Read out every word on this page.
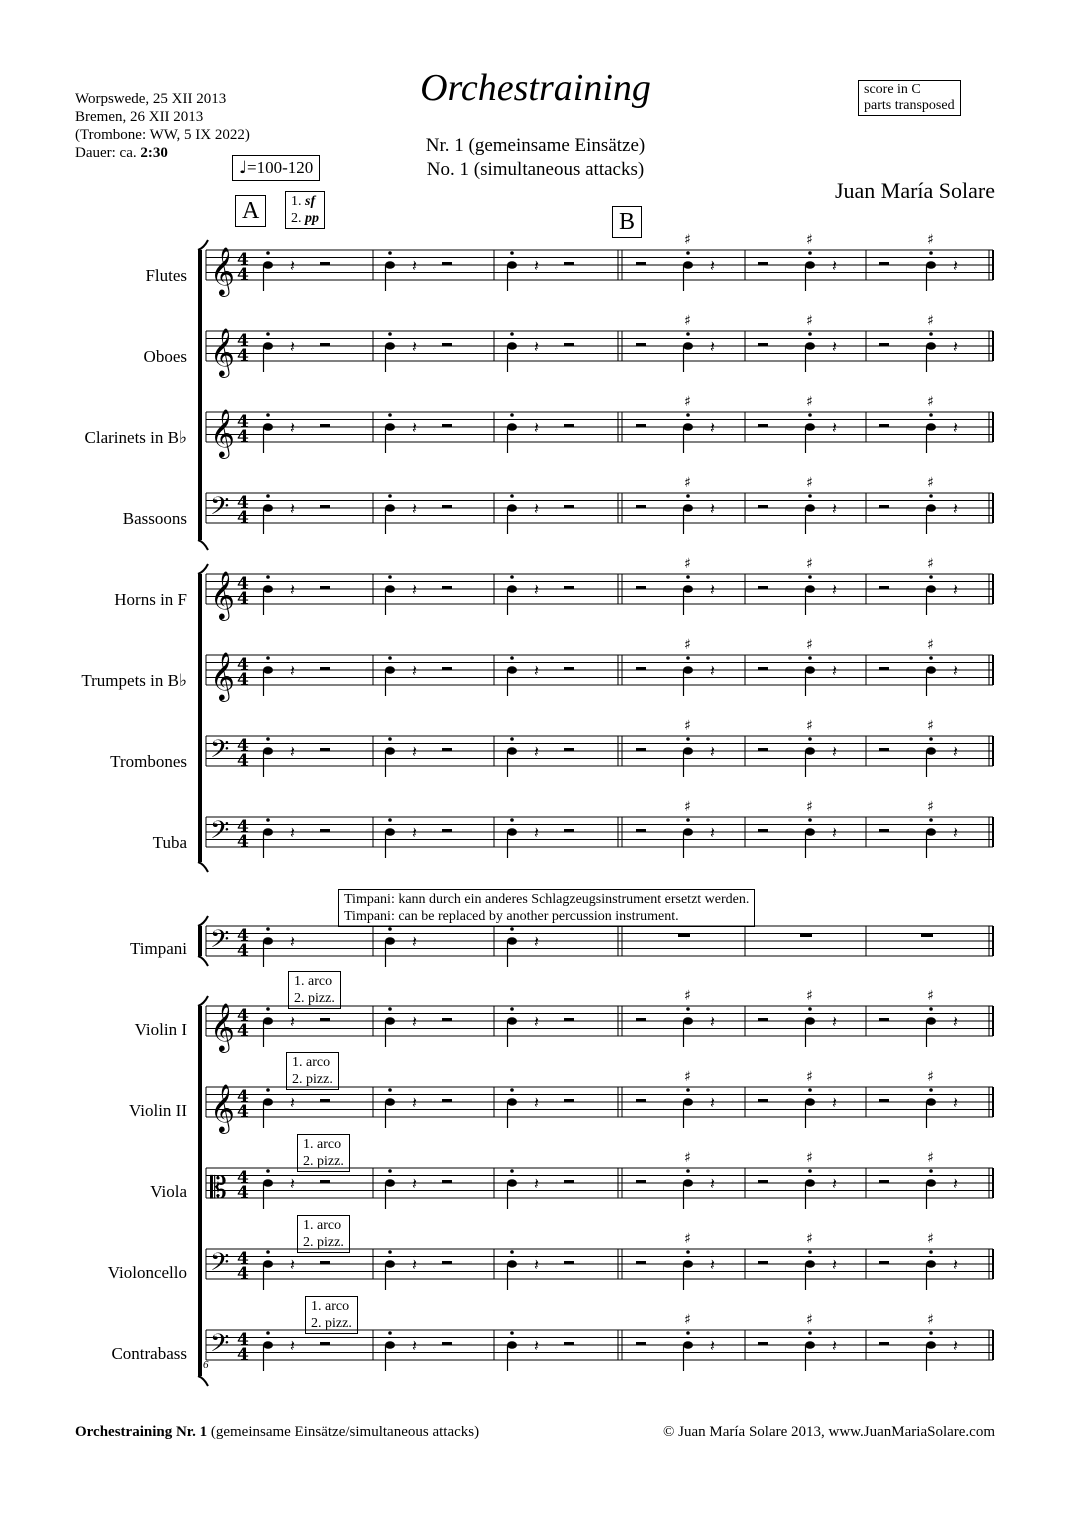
Worpswede, 25 XII 2013
Bremen, 26 XII 2013
(Trombone: WW, 5 IX 2022)
Dauer: ca. 2:30
Orchestraining
Nr. 1 (gemeinsame Einsätze)
No. 1 (simultaneous attacks)
score in C
parts transposed
Juan María Solare
♩=100-120
A	B
1. sf
2. pp
Flutes
Oboes
Clarinets in B♭
Bassoons
Horns in F
Trumpets in B♭
Trombones
Tuba
Timpani
Violin I
Violin II
Viola
Violoncello
Contrabass
Timpani: kann durch ein anderes Schlagzeugsinstrument ersetzt werden.
Timpani: can be replaced by another percussion instrument.
1. arco
2. pizz.
1. arco
2. pizz.
1. arco
2. pizz.
1. arco
2. pizz.
1. arco
2. pizz.
6
Orchestraining Nr. 1 (gemeinsame Einsätze/simultaneous attacks)	© Juan María Solare 2013, www.JuanMariaSolare.com
𝄞 4
4	𝄽	𝄽	𝄽
♯
𝄽
♯
𝄽
♯
𝄽
𝄞 4
4	𝄽	𝄽	𝄽
♯
𝄽
♯
𝄽
♯
𝄽
𝄞 4
4	𝄽	𝄽	𝄽
♯
𝄽
♯
𝄽
♯
𝄽
𝄢 4
4	𝄽	𝄽	𝄽
♯
𝄽
♯
𝄽
♯
𝄽
𝄞 4
4	𝄽	𝄽	𝄽
♯
𝄽
♯
𝄽
♯
𝄽
𝄞 4
4	𝄽	𝄽	𝄽
♯
𝄽
♯
𝄽
♯
𝄽
𝄢 4
4	𝄽	𝄽	𝄽
♯
𝄽
♯
𝄽
♯
𝄽
𝄢 4
4	𝄽	𝄽	𝄽
♯
𝄽
♯
𝄽
♯
𝄽
𝄢 4
4	𝄽	𝄽	𝄽
𝄞 4
4	𝄽	𝄽	𝄽
♯
𝄽
♯
𝄽
♯
𝄽
𝄞 4
4	𝄽	𝄽	𝄽
♯
𝄽
♯
𝄽
♯
𝄽
𝄡 4
4	𝄽	𝄽	𝄽
♯
𝄽
♯
𝄽
♯
𝄽
𝄢 4
4	𝄽	𝄽	𝄽
♯
𝄽
♯
𝄽
♯
𝄽
𝄢 4
4	𝄽	𝄽	𝄽
♯
𝄽
♯
𝄽
♯
𝄽
